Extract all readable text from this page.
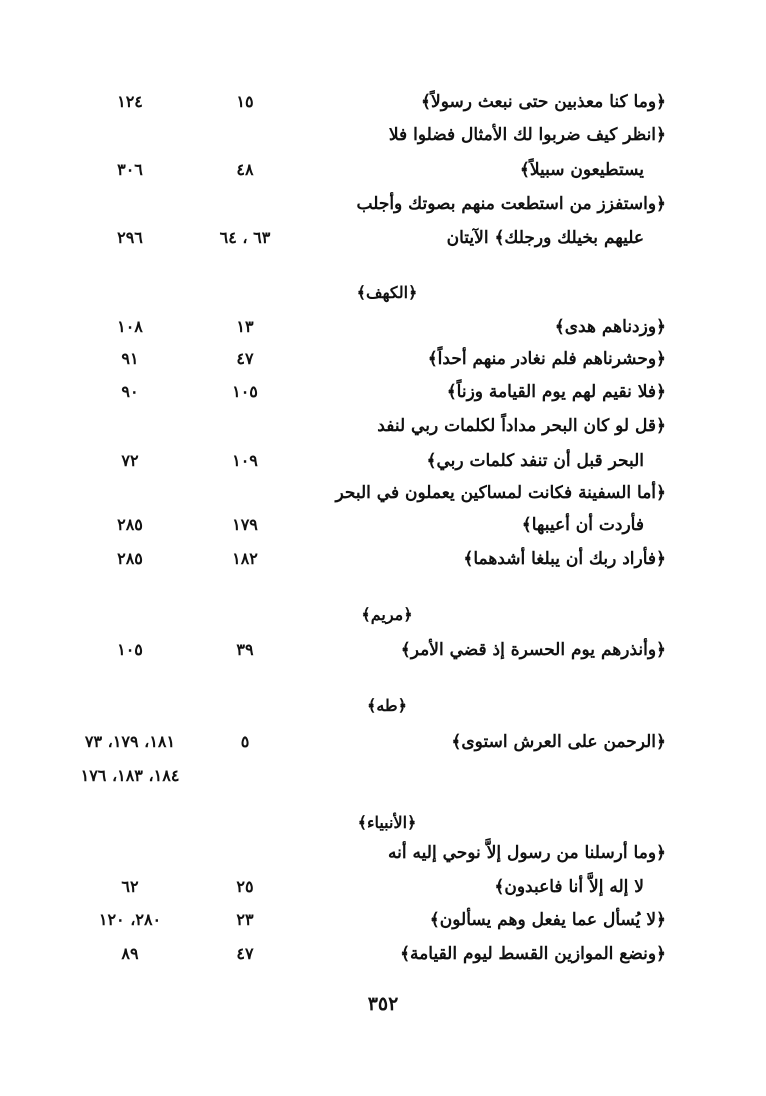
﴿وما كنا معذبين حتى نبعث رسولاً﴾
١٥
١٢٤
﴿انظر كيف ضربوا لك الأمثال فضلوا فلا
يستطيعون سبيلاً﴾
٤٨
٣٠٦
﴿واستفزز من استطعت منهم بصوتك وأجلب
عليهم بخيلك ورجلك﴾ الآيتان
٦٣ ، ٦٤
٢٩٦
﴿الكهف﴾
﴿وزدناهم هدى﴾
١٣
١٠٨
﴿وحشرناهم فلم نغادر منهم أحداً﴾
٤٧
٩١
﴿فلا نقيم لهم يوم القيامة وزناً﴾
١٠٥
٩٠
﴿قل لو كان البحر مداداً لكلمات ربي لنفد
البحر قبل أن تنفد كلمات ربي﴾
١٠٩
٧٢
﴿أما السفينة فكانت لمساكين يعملون في البحر
فأردت أن أعيبها﴾
١٧٩
٢٨٥
﴿فأراد ربك أن يبلغا أشدهما﴾
١٨٢
٢٨٥
﴿مريم﴾
﴿وأنذرهم يوم الحسرة إذ قضي الأمر﴾
٣٩
١٠٥
﴿طه﴾
﴿الرحمن على العرش استوى﴾
٥
١٨١، ١٧٩، ٧٣
١٨٤، ١٨٣، ١٧٦
﴿الأنبياء﴾
﴿وما أرسلنا من رسول إلاَّ نوحي إليه أنه
لا إله إلاَّ أنا فاعبدون﴾
٢٥
٦٢
﴿لا يُسأل عما يفعل وهم يسألون﴾
٢٣
٢٨٠، ١٢٠
﴿ونضع الموازين القسط ليوم القيامة﴾
٤٧
٨٩
٣٥٢
